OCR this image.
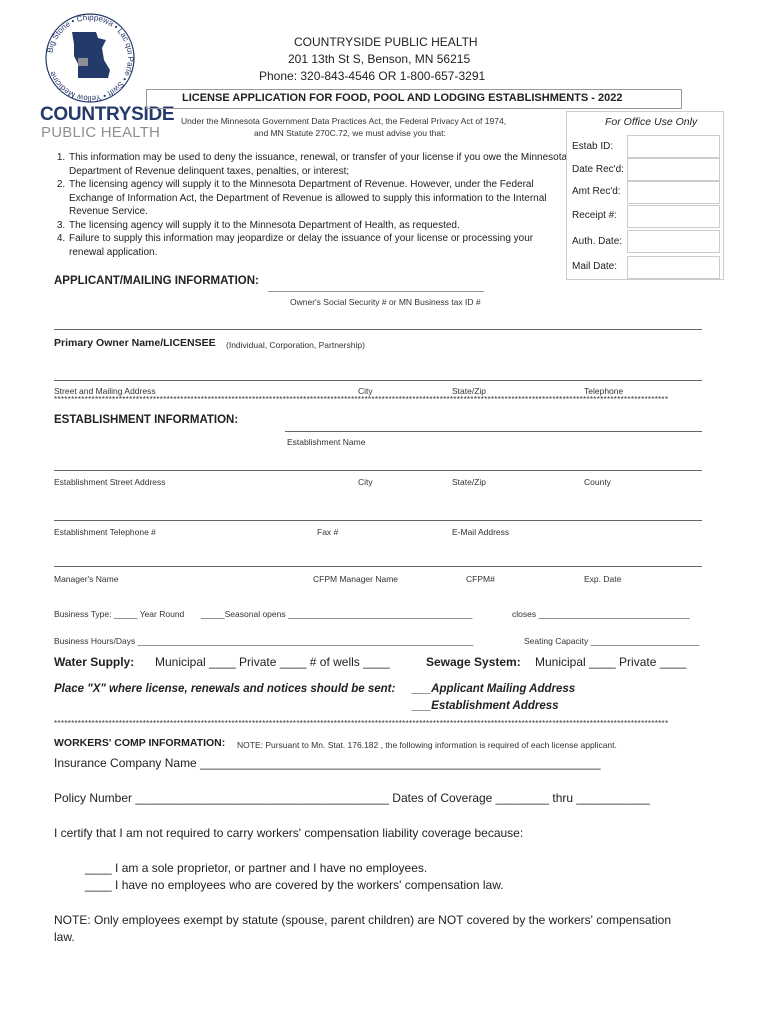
Big Stone • Chippewa • Lac qui Parle • Swift • Yellow Medicine
COUNTRYSIDE
PUBLIC HEALTH
COUNTRYSIDE PUBLIC HEALTH
201 13th St S, Benson, MN 56215
Phone: 320-843-4546 OR 1-800-657-3291
LICENSE APPLICATION FOR FOOD, POOL AND LODGING ESTABLISHMENTS - 2022
Under the Minnesota Government Data Practices Act, the Federal Privacy Act of 1974,
and MN Statute 270C.72, we must advise you that:
1. This information may be used to deny the issuance, renewal, or transfer of your license if you owe the Minnesota Department of Revenue delinquent taxes, penalties, or interest;
2. The licensing agency will supply it to the Minnesota Department of Revenue. However, under the Federal Exchange of Information Act, the Department of Revenue is allowed to supply this information to the Internal Revenue Service.
3. The licensing agency will supply it to the Minnesota Department of Health, as requested.
4. Failure to supply this information may jeopardize or delay the issuance of your license or processing your renewal application.
For Office Use Only
Estab ID:
Date Rec'd:
Amt Rec'd:
Receipt #:
Auth. Date:
Mail Date:
APPLICANT/MAILING INFORMATION:
Owner's Social Security # or MN Business tax ID #
Primary Owner Name/LICENSEE (Individual, Corporation, Partnership)
Street and Mailing Address	City	State/Zip	Telephone
************************************************************************************************************************************************************************************
ESTABLISHMENT INFORMATION:
Establishment Name
Establishment Street Address	City	State/Zip	County
Establishment Telephone #	Fax #	E-Mail Address
Manager's Name	CFPM Manager Name	CFPM#	Exp. Date
Business Type: _____ Year Round _____Seasonal opens _______________________________________	closes ________________________________
Business Hours/Days _______________________________________________________________________	Seating Capacity _______________________
Water Supply: Municipal ____ Private ____ # of wells ____	Sewage System: Municipal ____ Private ____
Place "X" where license, renewals and notices should be sent: ___Applicant Mailing Address
___Establishment Address
************************************************************************************************************************************************************************************
WORKERS' COMP INFORMATION: NOTE: Pursuant to Mn. Stat. 176.182 , the following information is required of each license applicant.
Insurance Company Name ____________________________________________________________
Policy Number ______________________________________ Dates of Coverage ________ thru ___________
I certify that I am not required to carry workers' compensation liability coverage because:
____ I am a sole proprietor, or partner and I have no employees.
____ I have no employees who are covered by the workers' compensation law.
NOTE: Only employees exempt by statute (spouse, parent children) are NOT covered by the workers' compensation
law.
